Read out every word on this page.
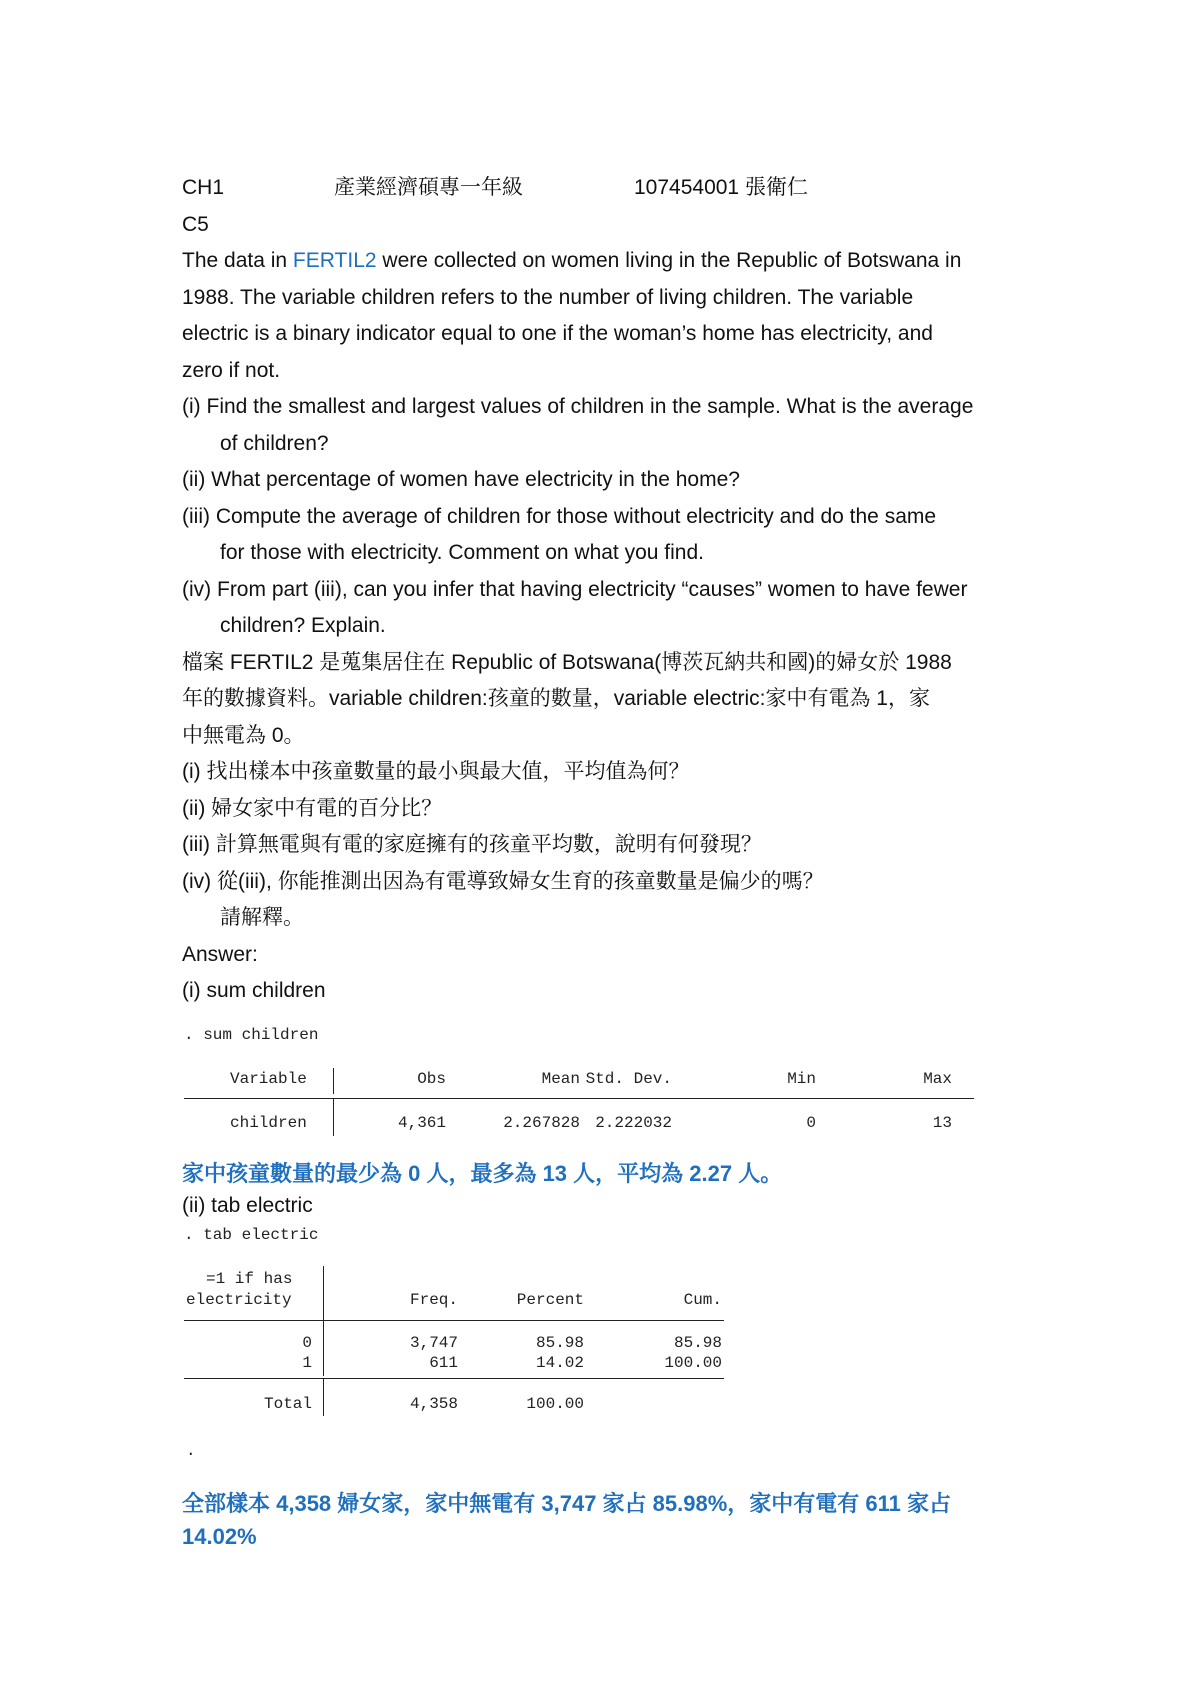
CH1	產業經濟碩專一年級	107454001 張衛仁
C5
The data in FERTIL2 were collected on women living in the Republic of Botswana in
1988. The variable children refers to the number of living children. The variable
electric is a binary indicator equal to one if the woman’s home has electricity, and
zero if not.
(i) Find the smallest and largest values of children in the sample. What is the average
of children?
(ii) What percentage of women have electricity in the home?
(iii) Compute the average of children for those without electricity and do the same
for those with electricity. Comment on what you find.
(iv) From part (iii), can you infer that having electricity “causes” women to have fewer
children? Explain.
檔案 FERTIL2 是蒐集居住在 Republic of Botswana(博茨瓦納共和國)的婦女於 1988
年的數據資料。variable children:孩童的數量，variable electric:家中有電為 1，家
中無電為 0。
(i) 找出樣本中孩童數量的最小與最大值，平均值為何？
(ii) 婦女家中有電的百分比？
(iii) 計算無電與有電的家庭擁有的孩童平均數，說明有何發現？
(iv) 從(iii), 你能推測出因為有電導致婦女生育的孩童數量是偏少的嗎？
請解釋。
Answer:
(i) sum children
. sum children
Variable	Obs	Mean Std. Dev.	Min	Max
children	4,361	2.267828 2.222032	0	13
家中孩童數量的最少為 0 人，最多為 13 人，平均為 2.27 人。
(ii) tab electric
. tab electric
=1 if has
electricity	Freq.	Percent	Cum.
0	3,747	85.98	85.98
1	611	14.02	100.00
Total	4,358	100.00
.
全部樣本 4,358 婦女家，家中無電有 3,747 家占 85.98%，家中有電有 611 家占
14.02%
